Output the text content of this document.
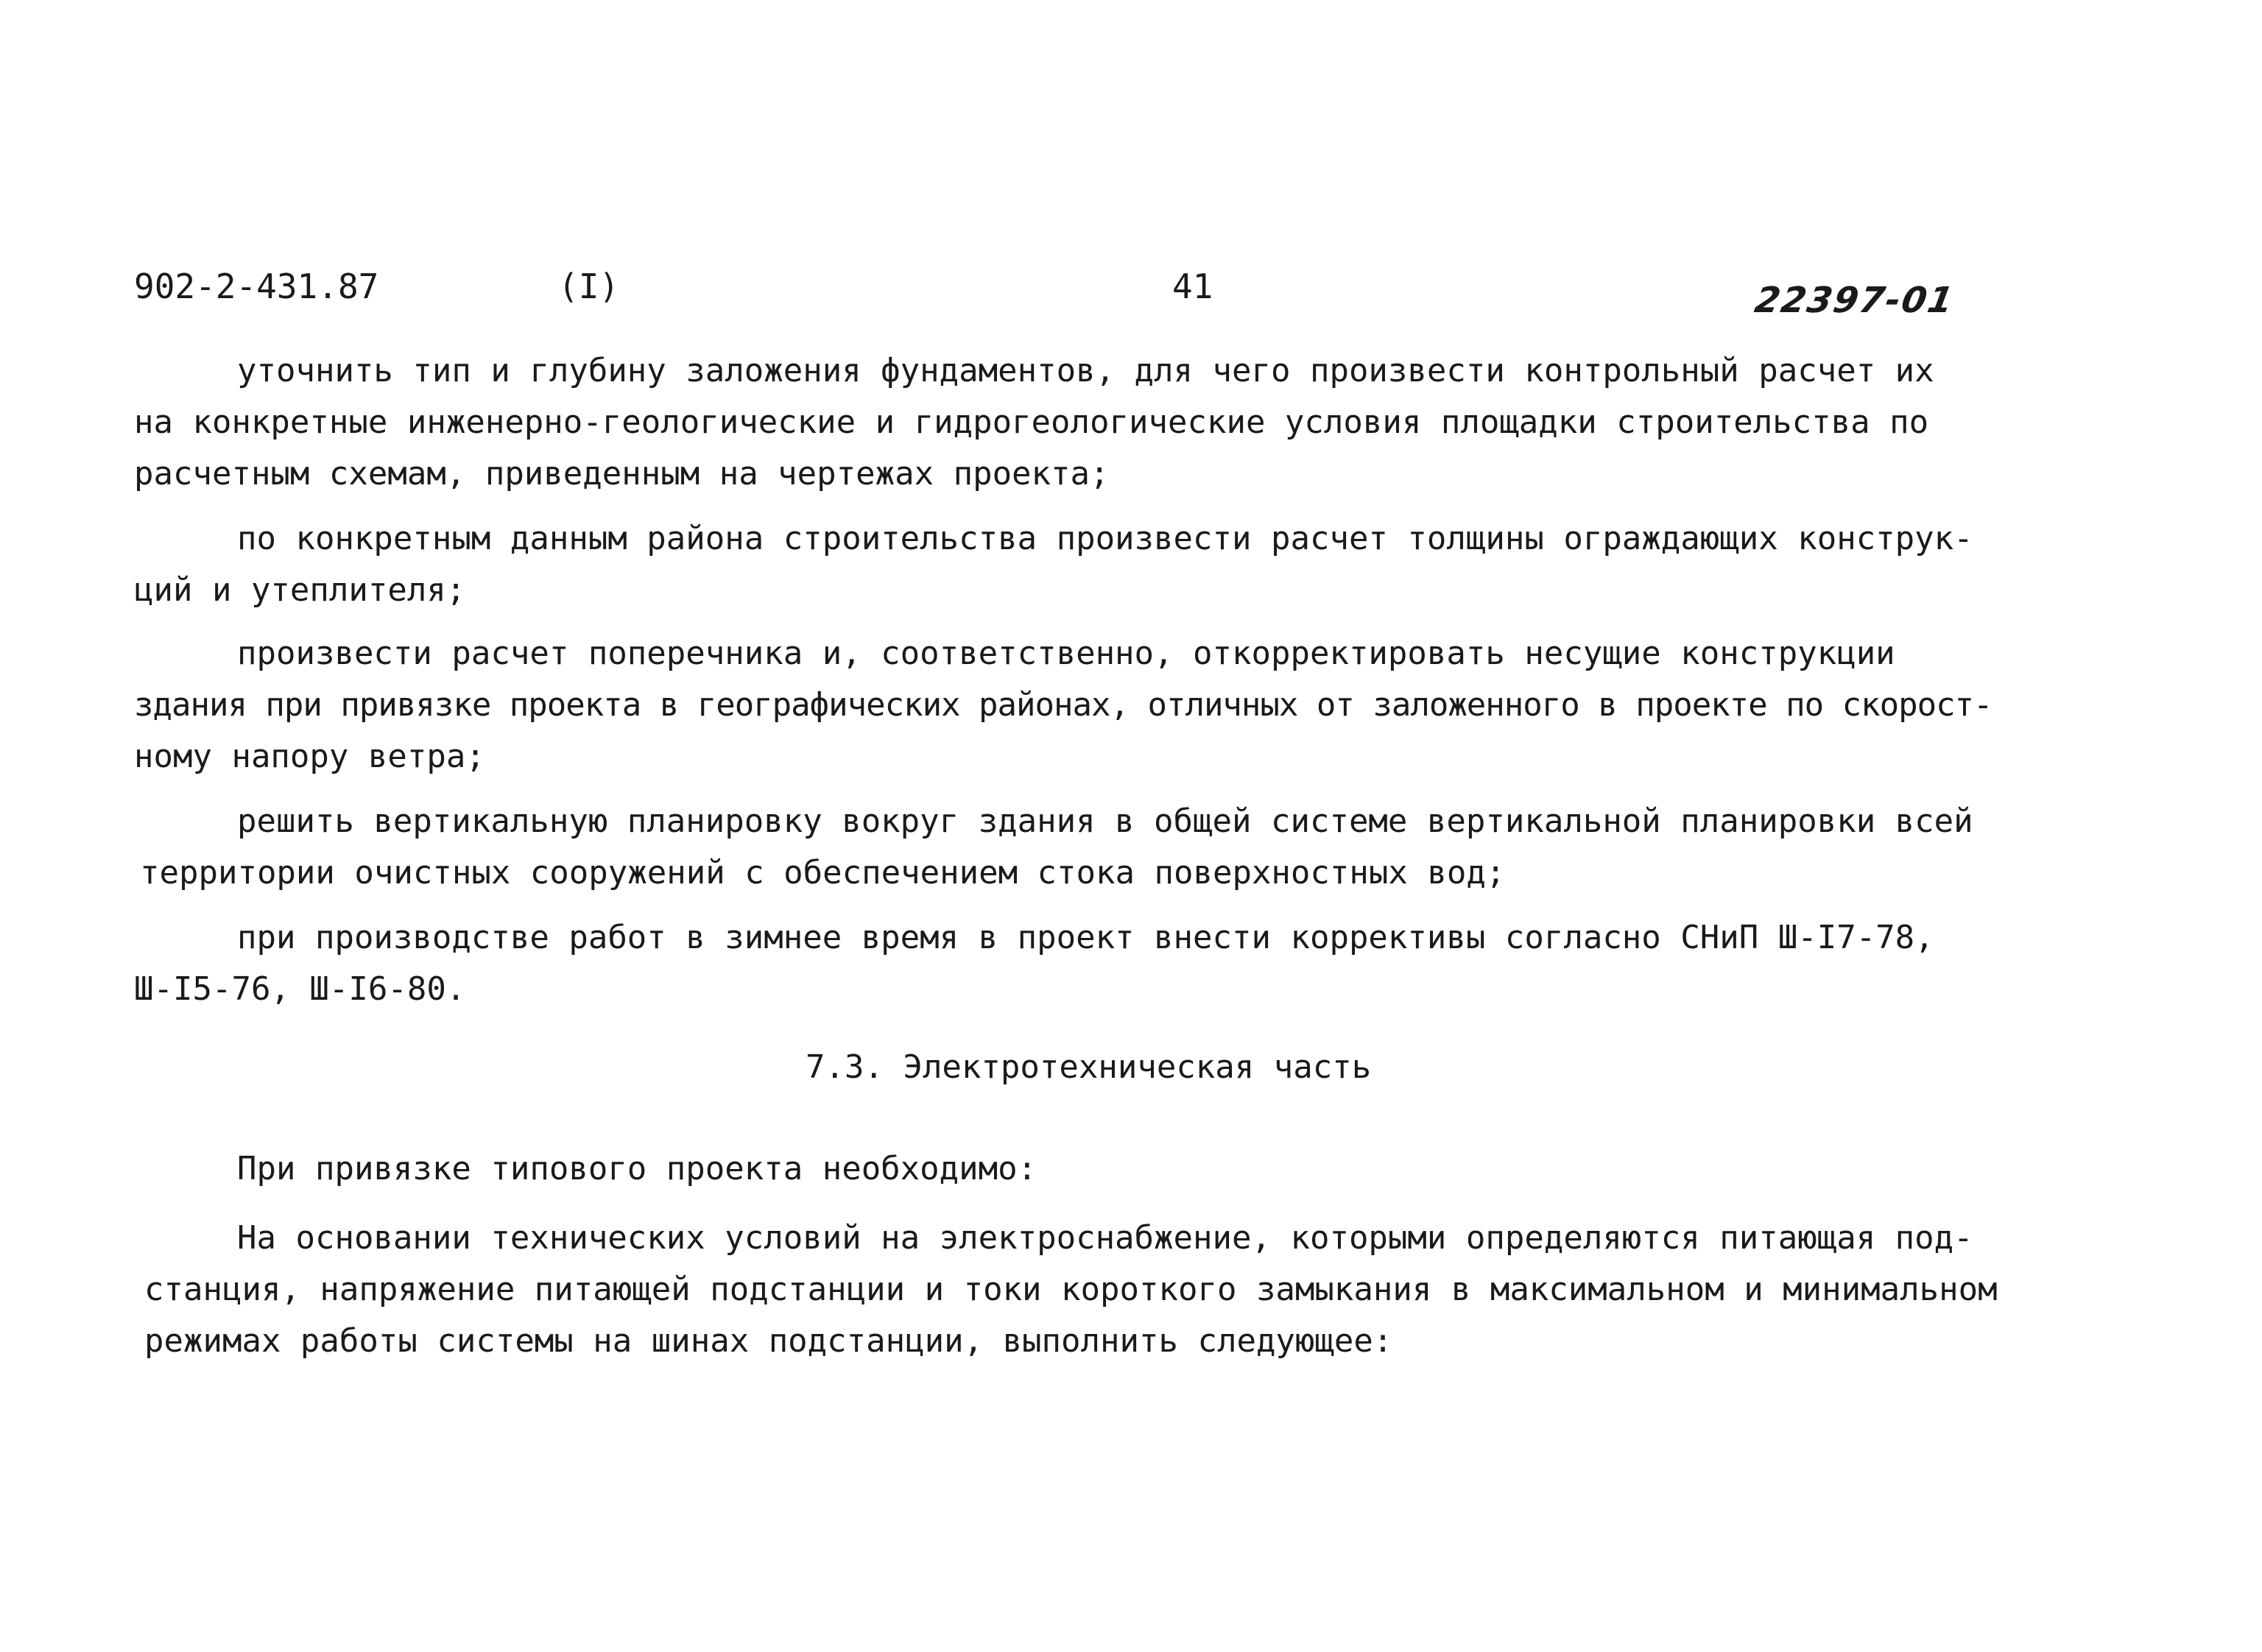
902-2-431.87	(I)	41	22397-01
уточнить тип и глубину заложения фундаментов, для чего произвести контрольный расчет их
на конкретные инженерно-геологические и гидрогеологические условия площадки строительства по
расчетным схемам, приведенным на чертежах проекта;
по конкретным данным района строительства произвести расчет толщины ограждающих конструк-
ций и утеплителя;
произвести расчет поперечника и, соответственно, откорректировать несущие конструкции
здания при привязке проекта в географических районах, отличных от заложенного в проекте по скорост-
ному напору ветра;
решить вертикальную планировку вокруг здания в общей системе вертикальной планировки всей
территории очистных сооружений с обеспечением стока поверхностных вод;
при производстве работ в зимнее время в проект внести коррективы согласно СНиП Ш-I7-78,
Ш-I5-76, Ш-I6-80.
7.3. Электротехническая часть
При привязке типового проекта необходимо:
На основании технических условий на электроснабжение, которыми определяются питающая под-
станция, напряжение питающей подстанции и токи короткого замыкания в максимальном и минимальном
режимах работы системы на шинах подстанции, выполнить следующее:
